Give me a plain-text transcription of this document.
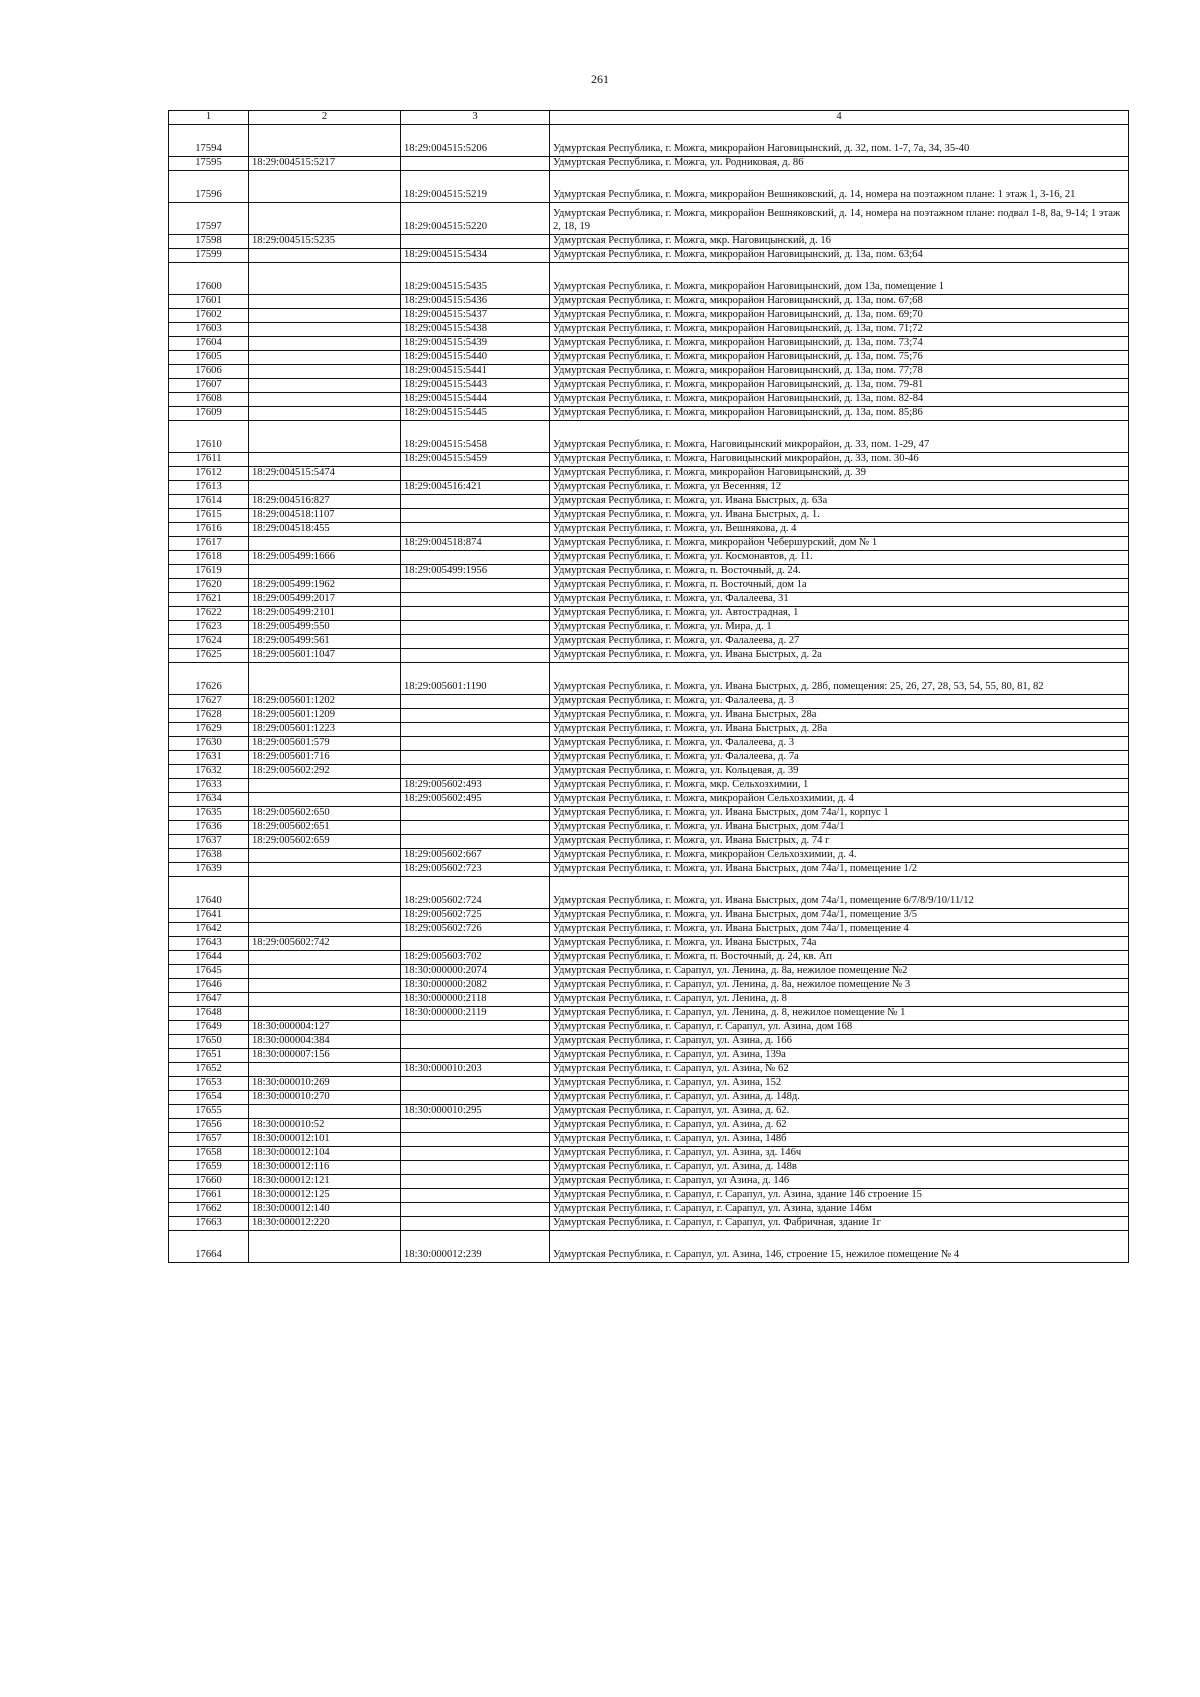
261
1	2	3	4
17594		18:29:004515:5206	Удмуртская Республика, г. Можга, микрорайон Наговицынский, д. 32, пом. 1-7, 7а, 34, 35-40
17595	18:29:004515:5217		Удмуртская Республика, г. Можга, ул. Родниковая, д. 86
17596		18:29:004515:5219	Удмуртская Республика, г. Можга, микрорайон Вешняковский, д. 14, номера на поэтажном плане: 1 этаж 1, 3-16, 21
17597		18:29:004515:5220	Удмуртская Республика, г. Можга, микрорайон Вешняковский, д. 14, номера на поэтажном плане: подвал 1-8, 8а, 9-14; 1 этаж 2, 18, 19
17598	18:29:004515:5235		Удмуртская Республика, г. Можга, мкр. Наговицынский, д. 16
17599		18:29:004515:5434	Удмуртская Республика, г. Можга, микрорайон Наговицынский, д. 13а, пом. 63;64
17600		18:29:004515:5435	Удмуртская Республика, г. Можга, микрорайон Наговицынский, дом 13а, помещение 1
17601		18:29:004515:5436	Удмуртская Республика, г. Можга, микрорайон Наговицынский, д. 13а, пом. 67;68
17602		18:29:004515:5437	Удмуртская Республика, г. Можга, микрорайон Наговицынский, д. 13а, пом. 69;70
17603		18:29:004515:5438	Удмуртская Республика, г. Можга, микрорайон Наговицынский, д. 13а, пом. 71;72
17604		18:29:004515:5439	Удмуртская Республика, г. Можга, микрорайон Наговицынский, д. 13а, пом. 73;74
17605		18:29:004515:5440	Удмуртская Республика, г. Можга, микрорайон Наговицынский, д. 13а, пом. 75;76
17606		18:29:004515:5441	Удмуртская Республика, г. Можга, микрорайон Наговицынский, д. 13а, пом. 77;78
17607		18:29:004515:5443	Удмуртская Республика, г. Можга, микрорайон Наговицынский, д. 13а, пом. 79-81
17608		18:29:004515:5444	Удмуртская Республика, г. Можга, микрорайон Наговицынский, д. 13а, пом. 82-84
17609		18:29:004515:5445	Удмуртская Республика, г. Можга, микрорайон Наговицынский, д. 13а, пом. 85;86
17610		18:29:004515:5458	Удмуртская Республика, г. Можга, Наговицынский микрорайон, д. 33, пом. 1-29, 47
17611		18:29:004515:5459	Удмуртская Республика, г. Можга, Наговицынский микрорайон, д. 33, пом. 30-46
17612	18:29:004515:5474		Удмуртская Республика, г. Можга, микрорайон Наговицынский, д. 39
17613		18:29:004516:421	Удмуртская Республика, г. Можга, ул Весенняя, 12
17614	18:29:004516:827		Удмуртская Республика, г. Можга, ул. Ивана Быстрых, д. 63а
17615	18:29:004518:1107		Удмуртская Республика, г. Можга, ул. Ивана Быстрых, д. 1.
17616	18:29:004518:455		Удмуртская Республика, г. Можга, ул. Вешнякова, д. 4
17617		18:29:004518:874	Удмуртская Республика, г. Можга, микрорайон Чебершурский, дом № 1
17618	18:29:005499:1666		Удмуртская Республика, г. Можга, ул. Космонавтов, д. 11.
17619		18:29:005499:1956	Удмуртская Республика, г. Можга, п. Восточный, д. 24.
17620	18:29:005499:1962		Удмуртская Республика, г. Можга, п. Восточный, дом 1а
17621	18:29:005499:2017		Удмуртская Республика, г. Можга, ул. Фалалеева, 31
17622	18:29:005499:2101		Удмуртская Республика, г. Можга, ул. Автострадная, 1
17623	18:29:005499:550		Удмуртская Республика, г. Можга, ул. Мира, д. 1
17624	18:29:005499:561		Удмуртская Республика, г. Можга, ул. Фалалеева, д. 27
17625	18:29:005601:1047		Удмуртская Республика, г. Можга, ул. Ивана Быстрых, д. 2а
17626		18:29:005601:1190	Удмуртская Республика, г. Можга, ул. Ивана Быстрых, д. 28б, помещения: 25, 26, 27, 28, 53, 54, 55, 80, 81, 82
17627	18:29:005601:1202		Удмуртская Республика, г. Можга, ул. Фалалеева, д. 3
17628	18:29:005601:1209		Удмуртская Республика, г. Можга, ул. Ивана Быстрых, 28а
17629	18:29:005601:1223		Удмуртская Республика, г. Можга, ул. Ивана Быстрых, д. 28а
17630	18:29:005601:579		Удмуртская Республика, г. Можга, ул. Фалалеева, д. 3
17631	18:29:005601:716		Удмуртская Республика, г. Можга, ул. Фалалеева, д. 7а
17632	18:29:005602:292		Удмуртская Республика, г. Можга, ул. Кольцевая, д. 39
17633		18:29:005602:493	Удмуртская Республика, г. Можга, мкр. Сельхозхимии, 1
17634		18:29:005602:495	Удмуртская Республика, г. Можга, микрорайон Сельхозхимии, д. 4
17635	18:29:005602:650		Удмуртская Республика, г. Можга, ул. Ивана Быстрых, дом 74а/1, корпус 1
17636	18:29:005602:651		Удмуртская Республика, г. Можга, ул. Ивана Быстрых, дом 74а/1
17637	18:29:005602:659		Удмуртская Республика, г. Можга, ул. Ивана Быстрых, д. 74 г
17638		18:29:005602:667	Удмуртская Республика, г. Можга, микрорайон Сельхозхимии, д. 4.
17639		18:29:005602:723	Удмуртская Республика, г. Можга, ул. Ивана Быстрых, дом 74а/1, помещение 1/2
17640		18:29:005602:724	Удмуртская Республика, г. Можга, ул. Ивана Быстрых, дом 74а/1, помещение 6/7/8/9/10/11/12
17641		18:29:005602:725	Удмуртская Республика, г. Можга, ул. Ивана Быстрых, дом 74а/1, помещение 3/5
17642		18:29:005602:726	Удмуртская Республика, г. Можга, ул. Ивана Быстрых, дом 74а/1, помещение 4
17643	18:29:005602:742		Удмуртская Республика, г. Можга, ул. Ивана Быстрых, 74а
17644		18:29:005603:702	Удмуртская Республика, г. Можга, п. Восточный, д. 24, кв. Ап
17645		18:30:000000:2074	Удмуртская Республика, г. Сарапул, ул. Ленина, д. 8а, нежилое помещение №2
17646		18:30:000000:2082	Удмуртская Республика, г. Сарапул, ул. Ленина, д. 8а, нежилое помещение № 3
17647		18:30:000000:2118	Удмуртская Республика, г. Сарапул, ул. Ленина, д. 8
17648		18:30:000000:2119	Удмуртская Республика, г. Сарапул, ул. Ленина, д. 8, нежилое помещение № 1
17649	18:30:000004:127		Удмуртская Республика, г. Сарапул, г. Сарапул, ул. Азина, дом 168
17650	18:30:000004:384		Удмуртская Республика, г. Сарапул, ул. Азина, д. 166
17651	18:30:000007:156		Удмуртская Республика, г. Сарапул, ул. Азина, 139а
17652		18:30:000010:203	Удмуртская Республика, г. Сарапул, ул. Азина, № 62
17653	18:30:000010:269		Удмуртская Республика, г. Сарапул, ул. Азина, 152
17654	18:30:000010:270		Удмуртская Республика, г. Сарапул, ул. Азина, д. 148д.
17655		18:30:000010:295	Удмуртская Республика, г. Сарапул, ул. Азина, д. 62.
17656	18:30:000010:52		Удмуртская Республика, г. Сарапул, ул. Азина, д. 62
17657	18:30:000012:101		Удмуртская Республика, г. Сарапул, ул. Азина, 148б
17658	18:30:000012:104		Удмуртская Республика, г. Сарапул, ул. Азина, зд. 146ч
17659	18:30:000012:116		Удмуртская Республика, г. Сарапул, ул. Азина, д. 148в
17660	18:30:000012:121		Удмуртская Республика, г. Сарапул, ул Азина, д. 146
17661	18:30:000012:125		Удмуртская Республика, г. Сарапул, г. Сарапул, ул. Азина, здание 146 строение 15
17662	18:30:000012:140		Удмуртская Республика, г. Сарапул, г. Сарапул, ул. Азина, здание 146м
17663	18:30:000012:220		Удмуртская Республика, г. Сарапул, г. Сарапул, ул. Фабричная, здание 1г
17664		18:30:000012:239	Удмуртская Республика, г. Сарапул, ул. Азина, 146, строение 15, нежилое помещение № 4
